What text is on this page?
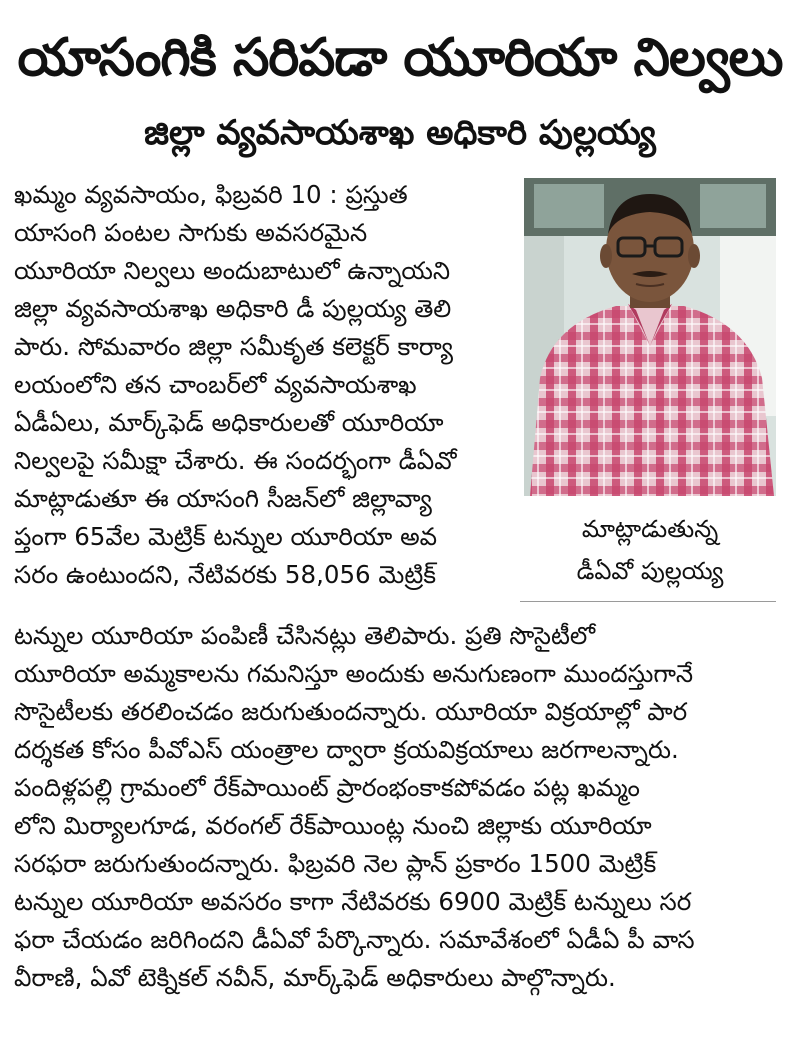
యాసంగికి సరిపడా యూరియా నిల్వలు
జిల్లా వ్యవసాయశాఖ అధికారి పుల్లయ్య
ఖమ్మం వ్యవసాయం, ఫిబ్రవరి 10 : ప్రస్తుత
యాసంగి పంటల సాగుకు అవసరమైన
యూరియా నిల్వలు అందుబాటులో ఉన్నాయని
జిల్లా వ్యవసాయశాఖ అధికారి డీ పుల్లయ్య తెలి
పారు. సోమవారం జిల్లా సమీకృత కలెక్టర్ కార్యా
లయంలోని తన చాంబర్‌లో వ్యవసాయశాఖ
ఏడీఏలు, మార్క్‌ఫెడ్ అధికారులతో యూరియా
నిల్వలపై సమీక్షా చేశారు. ఈ సందర్భంగా డీఏవో
మాట్లాడుతూ ఈ యాసంగి సీజన్‌లో జిల్లావ్యా
ప్తంగా 65వేల మెట్రిక్ టన్నుల యూరియా అవ
సరం ఉంటుందని, నేటివరకు 58,056 మెట్రిక్
టన్నుల యూరియా పంపిణీ చేసినట్లు తెలిపారు. ప్రతి సొసైటీలో
యూరియా అమ్మకాలను గమనిస్తూ అందుకు అనుగుణంగా ముందస్తుగానే
సొసైటీలకు తరలించడం జరుగుతుందన్నారు. యూరియా విక్రయాల్లో పార
దర్శకత కోసం పీవోఎస్ యంత్రాల ద్వారా క్రయవిక్రయాలు జరగాలన్నారు.
పందిళ్లపల్లి గ్రామంలో రేక్‌పాయింట్ ప్రారంభంకాకపోవడం పట్ల ఖమ్మం
లోని మిర్యాలగూడ, వరంగల్ రేక్‌పాయింట్ల నుంచి జిల్లాకు యూరియా
సరఫరా జరుగుతుందన్నారు. ఫిబ్రవరి నెల ప్లాన్ ప్రకారం 1500 మెట్రిక్
టన్నుల యూరియా అవసరం కాగా నేటివరకు 6900 మెట్రిక్ టన్నులు సర
ఫరా చేయడం జరిగిందని డీఏవో పేర్కొన్నారు. సమావేశంలో ఏడీఏ పీ వాస
వీరాణి, ఏవో టెక్నికల్ నవీన్, మార్క్‌ఫెడ్ అధికారులు పాల్గొన్నారు.
మాట్లాడుతున్న
డీఏవో పుల్లయ్య
